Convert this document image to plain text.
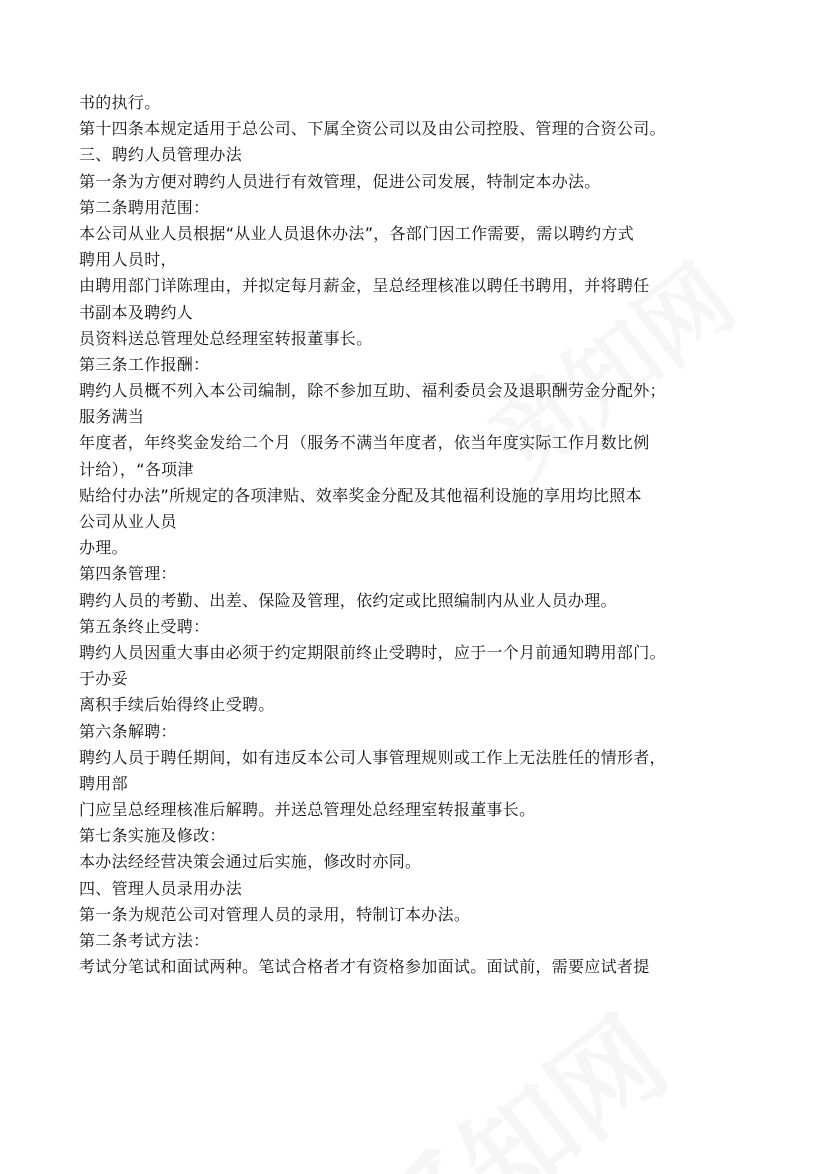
书的执行。

第十四条本规定适用于总公司、下属全资公司以及由公司控股、管理的合资公司。

三、聘约人员管理办法

第一条为方便对聘约人员进行有效管理，促进公司发展，特制定本办法。

第二条聘用范围：

本公司从业人员根据“从业人员退休办法”，各部门因工作需要，需以聘约方式

聘用人员时，

由聘用部门详陈理由，并拟定每月薪金，呈总经理核准以聘任书聘用，并将聘任

书副本及聘约人

员资料送总管理处总经理室转报董事长。

第三条工作报酬：

聘约人员概不列入本公司编制，除不参加互助、福利委员会及退职酬劳金分配外；

服务满当

年度者，年终奖金发给二个月（服务不满当年度者，依当年度实际工作月数比例

计给），“各项津

贴给付办法”所规定的各项津贴、效率奖金分配及其他福利设施的享用均比照本

公司从业人员

办理。

第四条管理：

聘约人员的考勤、出差、保险及管理，依约定或比照编制内从业人员办理。

第五条终止受聘：

聘约人员因重大事由必须于约定期限前终止受聘时，应于一个月前通知聘用部门。

于办妥

离积手续后始得终止受聘。

第六条解聘：

聘约人员于聘任期间，如有违反本公司人事管理规则或工作上无法胜任的情形者，

聘用部

门应呈总经理核准后解聘。并送总管理处总经理室转报董事长。

第七条实施及修改：

本办法经经营决策会通过后实施，修改时亦同。

四、管理人员录用办法

第一条为规范公司对管理人员的录用，特制订本办法。

第二条考试方法：

考试分笔试和面试两种。笔试合格者才有资格参加面试。面试前，需要应试者提
